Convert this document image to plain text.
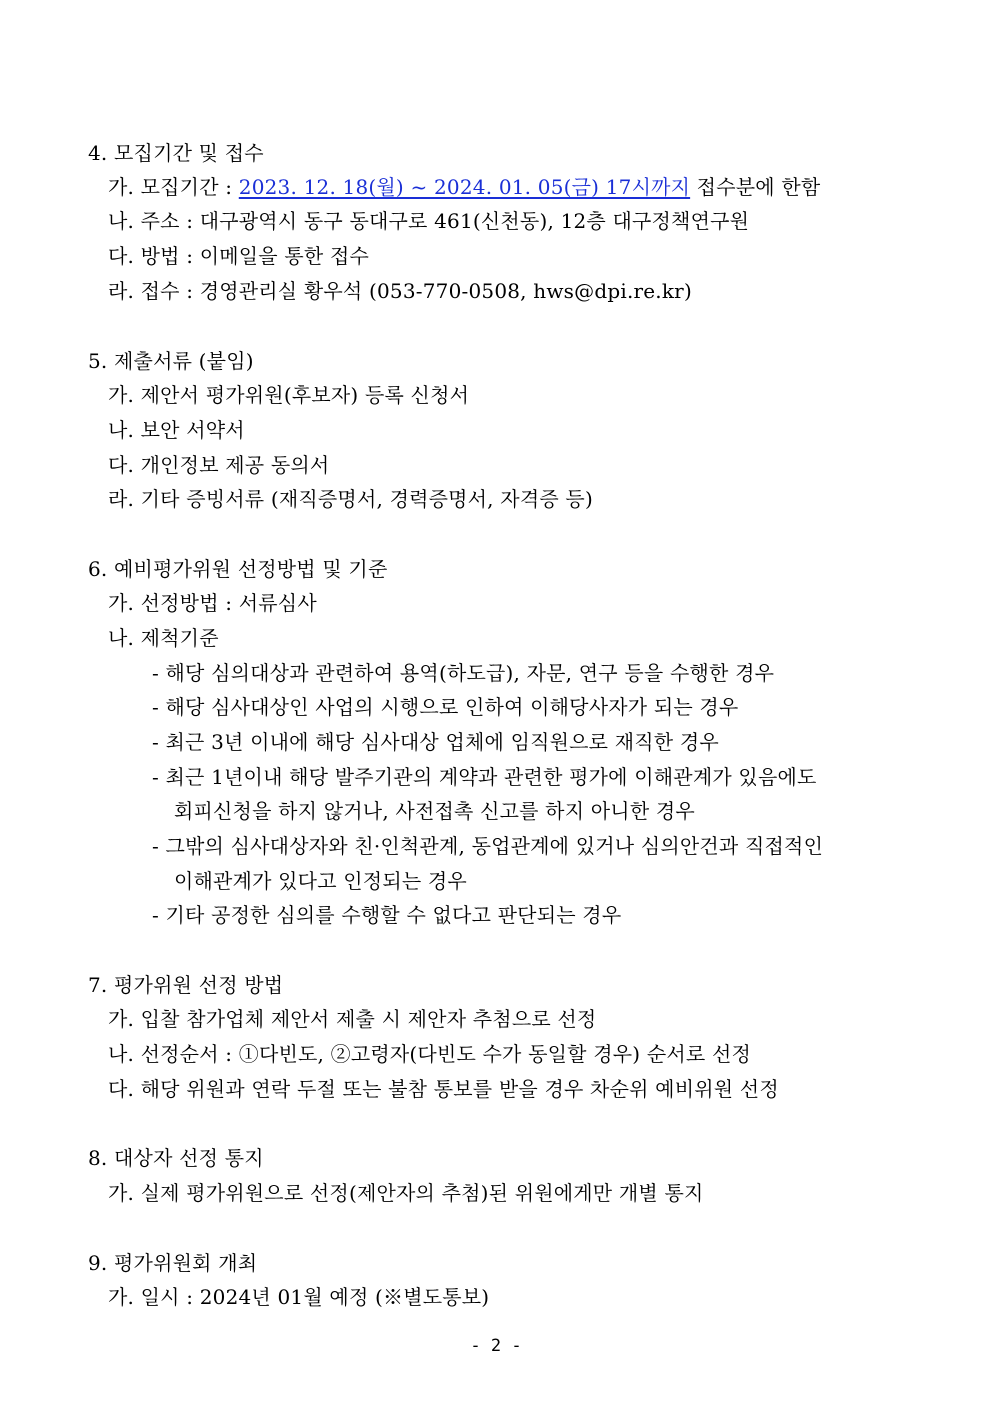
4. 모집기간 및 접수
가. 모집기간 : 2023. 12. 18(월) ~ 2024. 01. 05(금) 17시까지 접수분에 한함
나. 주소 : 대구광역시 동구 동대구로 461(신천동), 12층 대구정책연구원
다. 방법 : 이메일을 통한 접수
라. 접수 : 경영관리실 황우석 (053-770-0508, hws@dpi.re.kr)
5. 제출서류 (붙임)
가. 제안서 평가위원(후보자) 등록 신청서
나. 보안 서약서
다. 개인정보 제공 동의서
라. 기타 증빙서류 (재직증명서, 경력증명서, 자격증 등)
6. 예비평가위원 선정방법 및 기준
가. 선정방법 : 서류심사
나. 제척기준
- 해당 심의대상과 관련하여 용역(하도급), 자문, 연구 등을 수행한 경우
- 해당 심사대상인 사업의 시행으로 인하여 이해당사자가 되는 경우
- 최근 3년 이내에 해당 심사대상 업체에 임직원으로 재직한 경우
- 최근 1년이내 해당 발주기관의 계약과 관련한 평가에 이해관계가 있음에도
회피신청을 하지 않거나, 사전접촉 신고를 하지 아니한 경우
- 그밖의 심사대상자와 친·인척관계, 동업관계에 있거나 심의안건과 직접적인
이해관계가 있다고 인정되는 경우
- 기타 공정한 심의를 수행할 수 없다고 판단되는 경우
7. 평가위원 선정 방법
가. 입찰 참가업체 제안서 제출 시 제안자 추첨으로 선정
나. 선정순서 : ①다빈도, ②고령자(다빈도 수가 동일할 경우) 순서로 선정
다. 해당 위원과 연락 두절 또는 불참 통보를 받을 경우 차순위 예비위원 선정
8. 대상자 선정 통지
가. 실제 평가위원으로 선정(제안자의 추첨)된 위원에게만 개별 통지
9. 평가위원회 개최
가. 일시 : 2024년 01월 예정 (※별도통보)
- 2 -
